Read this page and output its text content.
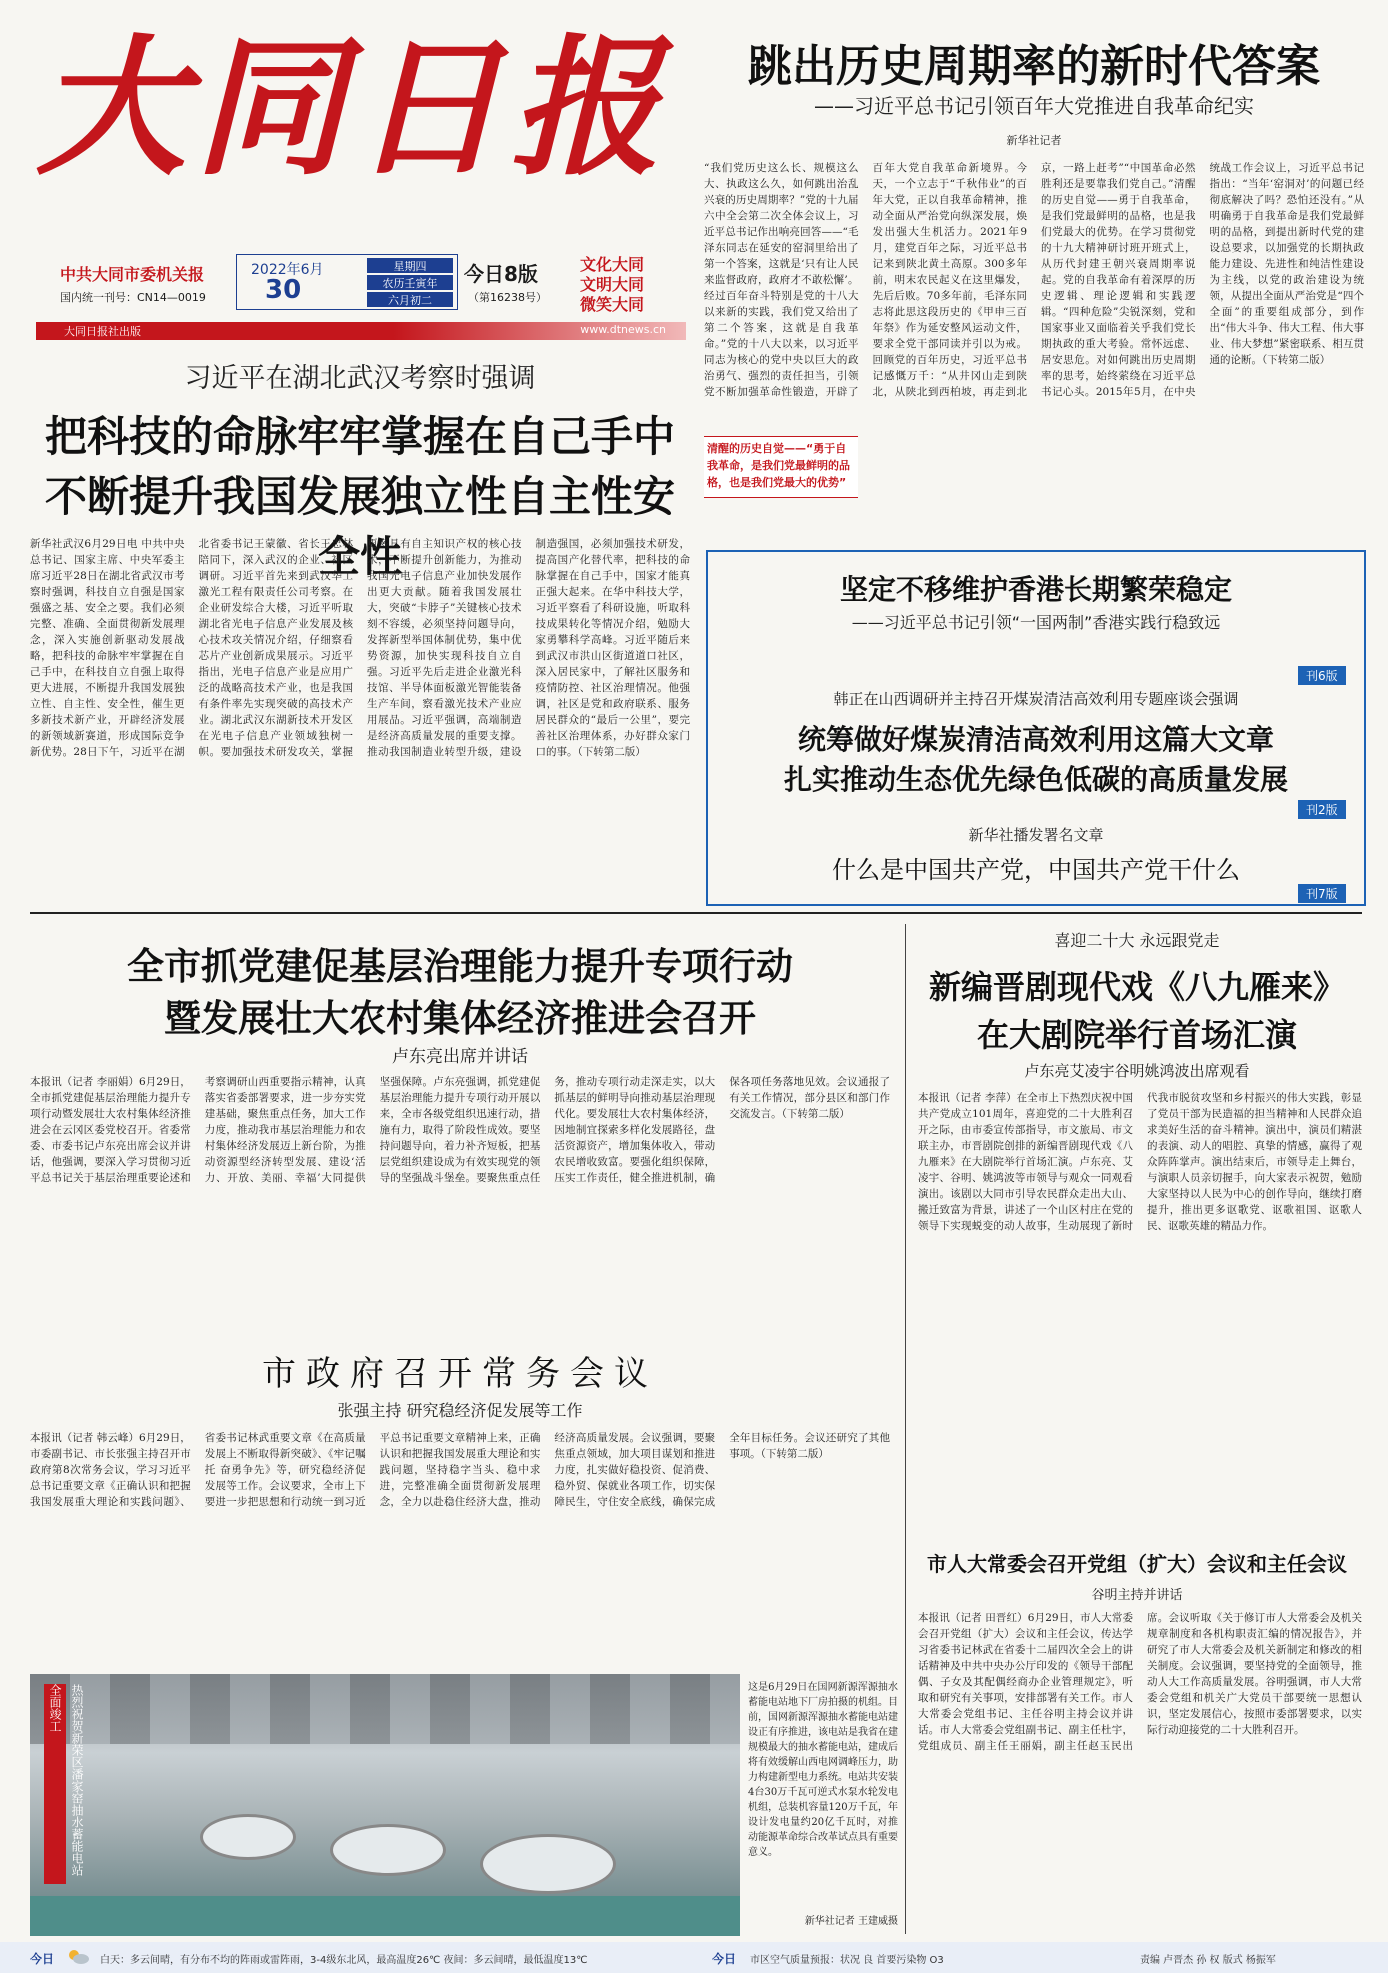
大同日报
中共大同市委机关报
国内统一刊号：CN14—0019
2022年6月
30
星期四
农历壬寅年
六月初二
今日8版
（第16238号）
文化大同
文明大同
微笑大同
大同日报社出版	www.dtnews.cn
跳出历史周期率的新时代答案
——习近平总书记引领百年大党推进自我革命纪实
新华社记者
“我们党历史这么长、规模这么大、执政这么久，如何跳出治乱兴衰的历史周期率？”党的十九届六中全会第二次全体会议上，习近平总书记作出响亮回答——“毛泽东同志在延安的窑洞里给出了第一个答案，这就是‘只有让人民来监督政府，政府才不敢松懈’。经过百年奋斗特别是党的十八大以来新的实践，我们党又给出了第二个答案，这就是自我革命。”党的十八大以来，以习近平同志为核心的党中央以巨大的政治勇气、强烈的责任担当，引领党不断加强革命性锻造，开辟了百年大党自我革命新境界。今天，一个立志于“千秋伟业”的百年大党，正以自我革命精神，推动全面从严治党向纵深发展，焕发出强大生机活力。2021年9月，建党百年之际，习近平总书记来到陕北黄土高原。300多年前，明末农民起义在这里爆发，先后后败。70多年前，毛泽东同志将此思这段历史的《甲申三百年祭》作为延安整风运动文件，要求全党干部同读并引以为戒。回顾党的百年历史，习近平总书记感慨万千：“从井冈山走到陕北，从陕北到西柏坡，再走到北京，一路上赶考”“中国革命必然胜利还是要靠我们党自己。”清醒的历史自觉——勇于自我革命，是我们党最鲜明的品格，也是我们党最大的优势。在学习贯彻党的十九大精神研讨班开班式上，从历代封建王朝兴衰周期率说起。党的自我革命有着深厚的历史逻辑、理论逻辑和实践逻辑。“四种危险”尖锐深刻，党和国家事业又面临着关乎我们党长期执政的重大考验。常怀远虑、居安思危。对如何跳出历史周期率的思考，始终萦绕在习近平总书记心头。2015年5月，在中央统战工作会议上，习近平总书记指出：“当年‘窑洞对’的问题已经彻底解决了吗？恐怕还没有。”从明确勇于自我革命是我们党最鲜明的品格，到提出新时代党的建设总要求，以加强党的长期执政能力建设、先进性和纯洁性建设为主线，以党的政治建设为统领，从提出全面从严治党是“四个全面”的重要组成部分，到作出“伟大斗争、伟大工程、伟大事业、伟大梦想”紧密联系、相互贯通的论断。（下转第二版）
清醒的历史自觉——“勇于自我革命，是我们党最鲜明的品格，也是我们党最大的优势”
习近平在湖北武汉考察时强调
把科技的命脉牢牢掌握在自己手中
不断提升我国发展独立性自主性安全性
新华社武汉6月29日电 中共中央总书记、国家主席、中央军委主席习近平28日在湖北省武汉市考察时强调，科技自立自强是国家强盛之基、安全之要。我们必须完整、准确、全面贯彻新发展理念，深入实施创新驱动发展战略，把科技的命脉牢牢掌握在自己手中，在科技自立自强上取得更大进展，不断提升我国发展独立性、自主性、安全性，催生更多新技术新产业，开辟经济发展的新领域新赛道，形成国际竞争新优势。28日下午，习近平在湖北省委书记王蒙徽、省长王忠林陪同下，深入武汉的企业、社区调研。习近平首先来到武汉华工激光工程有限责任公司考察。在企业研发综合大楼，习近平听取湖北省光电子信息产业发展及核心技术攻关情况介绍，仔细察看芯片产业创新成果展示。习近平指出，光电子信息产业是应用广泛的战略高技术产业，也是我国有条件率先实现突破的高技术产业。湖北武汉东湖新技术开发区在光电子信息产业领域独树一帜。要加强技术研发攻关，掌握更多具有自主知识产权的核心技术，不断提升创新能力，为推动我国光电子信息产业加快发展作出更大贡献。随着我国发展壮大，突破“卡脖子”关键核心技术刻不容缓，必须坚持问题导向，发挥新型举国体制优势，集中优势资源，加快实现科技自立自强。习近平先后走进企业激光科技馆、半导体面板激光智能装备生产车间，察看激光技术产业应用展品。习近平强调，高端制造是经济高质量发展的重要支撑。推动我国制造业转型升级，建设制造强国，必须加强技术研发，提高国产化替代率，把科技的命脉掌握在自己手中，国家才能真正强大起来。在华中科技大学，习近平察看了科研设施，听取科技成果转化等情况介绍，勉励大家勇攀科学高峰。习近平随后来到武汉市洪山区街道道口社区，深入居民家中，了解社区服务和疫情防控、社区治理情况。他强调，社区是党和政府联系、服务居民群众的“最后一公里”，要完善社区治理体系，办好群众家门口的事。（下转第二版）
坚定不移维护香港长期繁荣稳定
——习近平总书记引领“一国两制”香港实践行稳致远
刊6版
韩正在山西调研并主持召开煤炭清洁高效利用专题座谈会强调
统筹做好煤炭清洁高效利用这篇大文章
扎实推动生态优先绿色低碳的高质量发展
刊2版
新华社播发署名文章
什么是中国共产党，中国共产党干什么
刊7版
全市抓党建促基层治理能力提升专项行动
暨发展壮大农村集体经济推进会召开
卢东亮出席并讲话
本报讯（记者 李丽娟）6月29日，全市抓党建促基层治理能力提升专项行动暨发展壮大农村集体经济推进会在云冈区委党校召开。省委常委、市委书记卢东亮出席会议并讲话，他强调，要深入学习贯彻习近平总书记关于基层治理重要论述和考察调研山西重要指示精神，认真落实省委部署要求，进一步夯实党建基础，聚焦重点任务，加大工作力度，推动我市基层治理能力和农村集体经济发展迈上新台阶，为推动资源型经济转型发展、建设‘活力、开放、美丽、幸福’大同提供坚强保障。卢东亮强调，抓党建促基层治理能力提升专项行动开展以来，全市各级党组织迅速行动，措施有力，取得了阶段性成效。要坚持问题导向，着力补齐短板，把基层党组织建设成为有效实现党的领导的坚强战斗堡垒。要聚焦重点任务，推动专项行动走深走实，以大抓基层的鲜明导向推动基层治理现代化。要发展壮大农村集体经济，因地制宜探索多样化发展路径，盘活资源资产，增加集体收入，带动农民增收致富。要强化组织保障，压实工作责任，健全推进机制，确保各项任务落地见效。会议通报了有关工作情况，部分县区和部门作交流发言。（下转第二版）
市政府召开常务会议
张强主持 研究稳经济促发展等工作
本报讯（记者 韩云峰）6月29日，市委副书记、市长张强主持召开市政府第8次常务会议，学习习近平总书记重要文章《正确认识和把握我国发展重大理论和实践问题》、省委书记林武重要文章《在高质量发展上不断取得新突破》、《牢记嘱托 奋勇争先》等，研究稳经济促发展等工作。会议要求，全市上下要进一步把思想和行动统一到习近平总书记重要文章精神上来，正确认识和把握我国发展重大理论和实践问题，坚持稳字当头、稳中求进，完整准确全面贯彻新发展理念，全力以赴稳住经济大盘，推动经济高质量发展。会议强调，要聚焦重点领域，加大项目谋划和推进力度，扎实做好稳投资、促消费、稳外贸、保就业各项工作，切实保障民生，守住安全底线，确保完成全年目标任务。会议还研究了其他事项。（下转第二版）
喜迎二十大 永远跟党走
新编晋剧现代戏《八九雁来》
在大剧院举行首场汇演
卢东亮艾凌宇谷明姚鸿波出席观看
本报讯（记者 李萍）在全市上下热烈庆祝中国共产党成立101周年，喜迎党的二十大胜利召开之际，由市委宣传部指导，市文旅局、市文联主办，市晋剧院创排的新编晋剧现代戏《八九雁来》在大剧院举行首场汇演。卢东亮、艾凌宇、谷明、姚鸿波等市领导与观众一同观看演出。该剧以大同市引导农民群众走出大山、搬迁致富为背景，讲述了一个山区村庄在党的领导下实现蜕变的动人故事，生动展现了新时代我市脱贫攻坚和乡村振兴的伟大实践，彰显了党员干部为民造福的担当精神和人民群众追求美好生活的奋斗精神。演出中，演员们精湛的表演、动人的唱腔、真挚的情感，赢得了观众阵阵掌声。演出结束后，市领导走上舞台，与演职人员亲切握手，向大家表示祝贺，勉励大家坚持以人民为中心的创作导向，继续打磨提升，推出更多讴歌党、讴歌祖国、讴歌人民、讴歌英雄的精品力作。
市人大常委会召开党组（扩大）会议和主任会议
谷明主持并讲话
本报讯（记者 田晋红）6月29日，市人大常委会召开党组（扩大）会议和主任会议，传达学习省委书记林武在省委十二届四次全会上的讲话精神及中共中央办公厅印发的《领导干部配偶、子女及其配偶经商办企业管理规定》，听取和研究有关事项，安排部署有关工作。市人大常委会党组书记、主任谷明主持会议并讲话。市人大常委会党组副书记、副主任杜宇，党组成员、副主任王丽娟，副主任赵玉民出席。会议听取《关于修订市人大常委会及机关规章制度和各机构职责汇编的情况报告》，并研究了市人大常委会及机关新制定和修改的相关制度。会议强调，要坚持党的全面领导，推动人大工作高质量发展。谷明强调，市人大常委会党组和机关广大党员干部要统一思想认识，坚定发展信心，按照市委部署要求，以实际行动迎接党的二十大胜利召开。
热烈祝贺新荣区潘家窑抽水蓄能电站全面竣工	这是6月29日在国网新源浑源抽水蓄能电站地下厂房拍摄的机组。目前，国网新源浑源抽水蓄能电站建设正有序推进，该电站是我省在建规模最大的抽水蓄能电站，建成后将有效缓解山西电网调峰压力，助力构建新型电力系统。电站共安装4台30万千瓦可逆式水泵水轮发电机组，总装机容量120万千瓦，年设计发电量约20亿千瓦时，对推动能源革命综合改革试点具有重要意义。
新华社记者 王建威摄
今日	白天：多云间晴，有分布不均的阵雨或雷阵雨，3-4级东北风，最高温度26℃ 夜间：多云间晴，最低温度13℃	今日 市区空气质量预报：状况 良 首要污染物 O3	责编 卢晋杰 孙 权 版式 杨振军
